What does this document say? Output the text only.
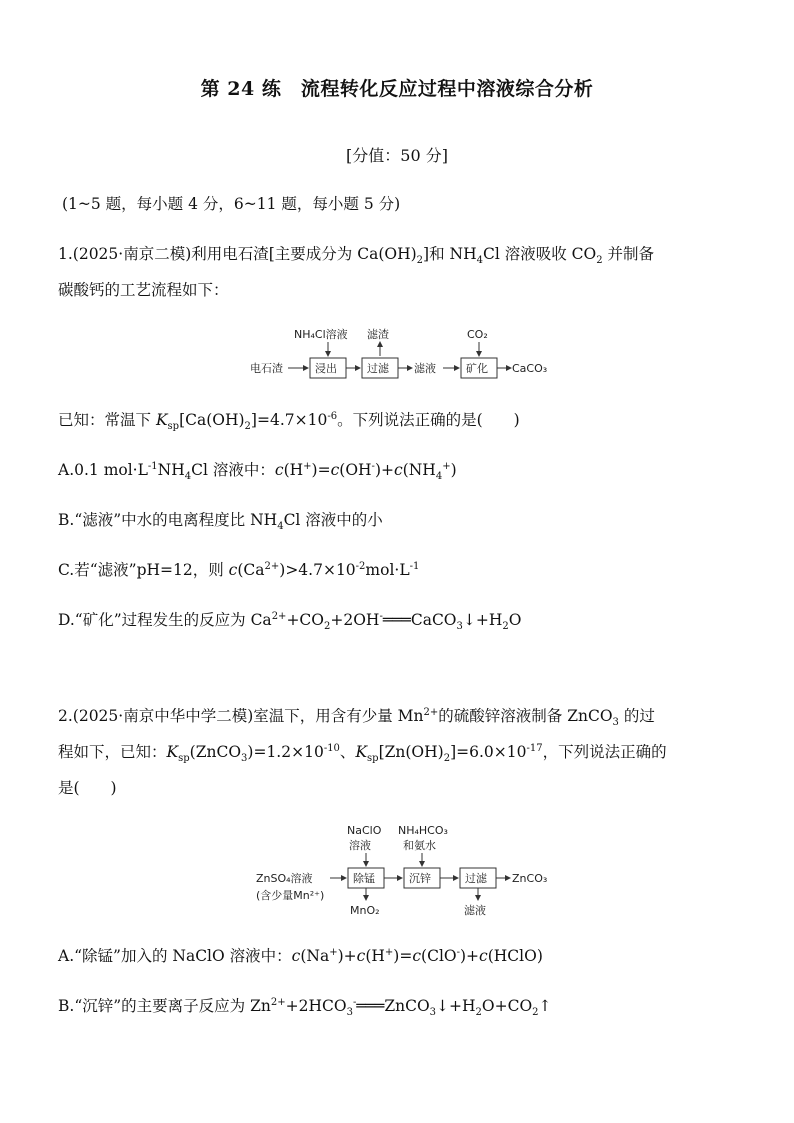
第 24 练　流程转化反应过程中溶液综合分析
[分值：50 分]
(1~5 题，每小题 4 分，6~11 题，每小题 5 分)
1.(2025·南京二模)利用电石渣[主要成分为 $Ca(OH)_2$]和 $NH_4Cl$ 溶液吸收 $CO_2$ 并制备
碳酸钙的工艺流程如下：
电石渣	浸出
NH₄Cl溶液
过滤
滤渣
滤液	矿化
CO₂
CaCO₃
已知：常温下 $K_{sp}[Ca(OH)_2]=4.7\times 10^{-6}$。下列说法正确的是(　　)
A.0.1 $mol\cdot L^{-1}NH_4Cl$ 溶液中：$c(H^+)=c(OH^-)+c(NH_4^+)$
B.“滤液”中水的电离程度比 $NH_4Cl$ 溶液中的小
C.若“滤液”pH=12，则 $c(Ca^{2+})>4.7\times 10^{-2}mol\cdot L^{-1}$
D.“矿化”过程发生的反应为 $Ca^{2+}+CO_2+2OH^-═══CaCO_3↓+H_2O$
2.(2025·南京中华中学二模)室温下，用含有少量 $Mn^{2+}$的硫酸锌溶液制备 ZnCO$_3$ 的过
程如下，已知：$K_{sp}(ZnCO_3)=1.2\times 10^{-10}$、$K_{sp}[Zn(OH)_2]=6.0\times 10^{-17}$，下列说法正确的
是(　　)
ZnSO₄溶液
(含少量Mn²⁺)
除锰
NaClO
溶液
MnO₂
沉锌
NH₄HCO₃
和氨水
过滤
滤液
ZnCO₃
A.“除锰”加入的 NaClO 溶液中：c(Na+)+c(H+)=c(ClO-)+c(HClO)
B.“沉锌”的主要离子反应为 $Zn^{2+}+2HCO_3^-═══ZnCO_3↓+H_2O+CO_2↑$
